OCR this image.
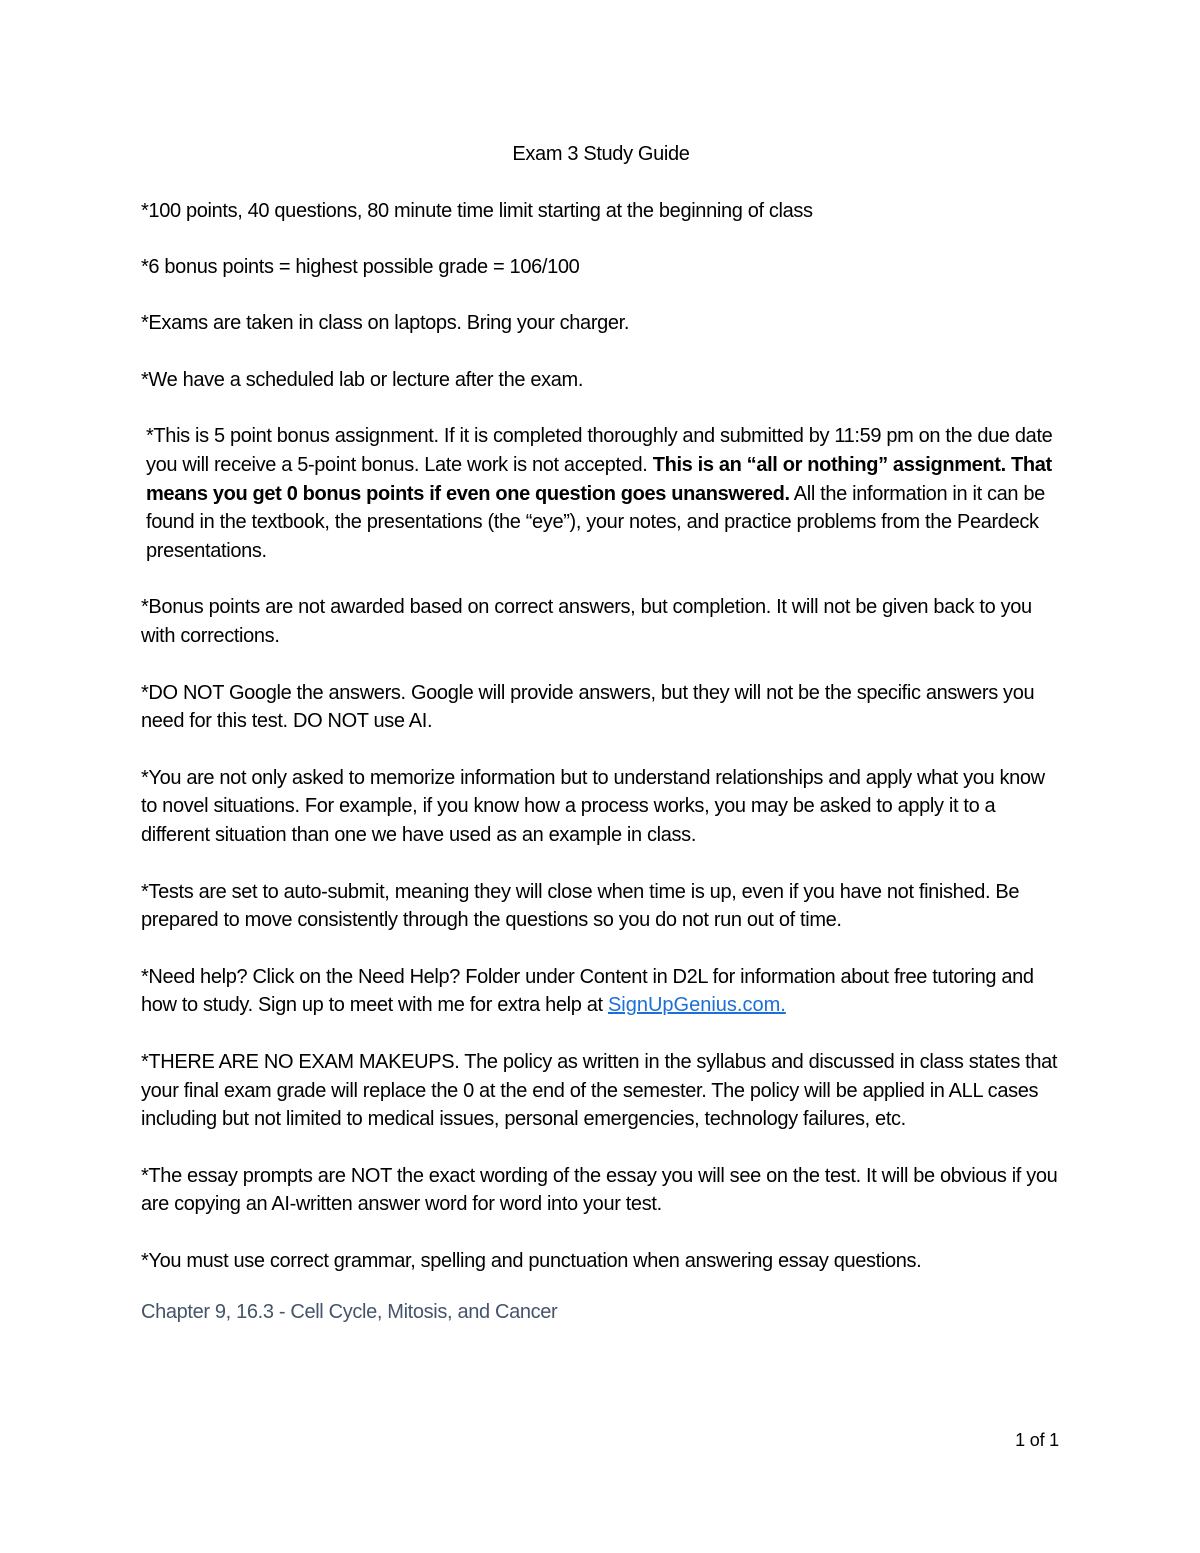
Exam 3 Study Guide
*100 points, 40 questions, 80 minute time limit starting at the beginning of class
*6 bonus points = highest possible grade = 106/100
*Exams are taken in class on laptops. Bring your charger.
*We have a scheduled lab or lecture after the exam.
*This is 5 point bonus assignment. If it is completed thoroughly and submitted by 11:59 pm on the due date you will receive a 5-point bonus. Late work is not accepted. This is an “all or nothing” assignment. That means you get 0 bonus points if even one question goes unanswered. All the information in it can be found in the textbook, the presentations (the “eye”), your notes, and practice problems from the Peardeck presentations.
*Bonus points are not awarded based on correct answers, but completion. It will not be given back to you with corrections.
*DO NOT Google the answers. Google will provide answers, but they will not be the specific answers you need for this test. DO NOT use AI.
*You are not only asked to memorize information but to understand relationships and apply what you know to novel situations. For example, if you know how a process works, you may be asked to apply it to a different situation than one we have used as an example in class.
*Tests are set to auto-submit, meaning they will close when time is up, even if you have not finished. Be prepared to move consistently through the questions so you do not run out of time.
*Need help? Click on the Need Help? Folder under Content in D2L for information about free tutoring and how to study. Sign up to meet with me for extra help at SignUpGenius.com.
*THERE ARE NO EXAM MAKEUPS. The policy as written in the syllabus and discussed in class states that your final exam grade will replace the 0 at the end of the semester. The policy will be applied in ALL cases including but not limited to medical issues, personal emergencies, technology failures, etc.
*The essay prompts are NOT the exact wording of the essay you will see on the test. It will be obvious if you are copying an AI-written answer word for word into your test.
*You must use correct grammar, spelling and punctuation when answering essay questions.
Chapter 9, 16.3 - Cell Cycle, Mitosis, and Cancer
1 of 1
